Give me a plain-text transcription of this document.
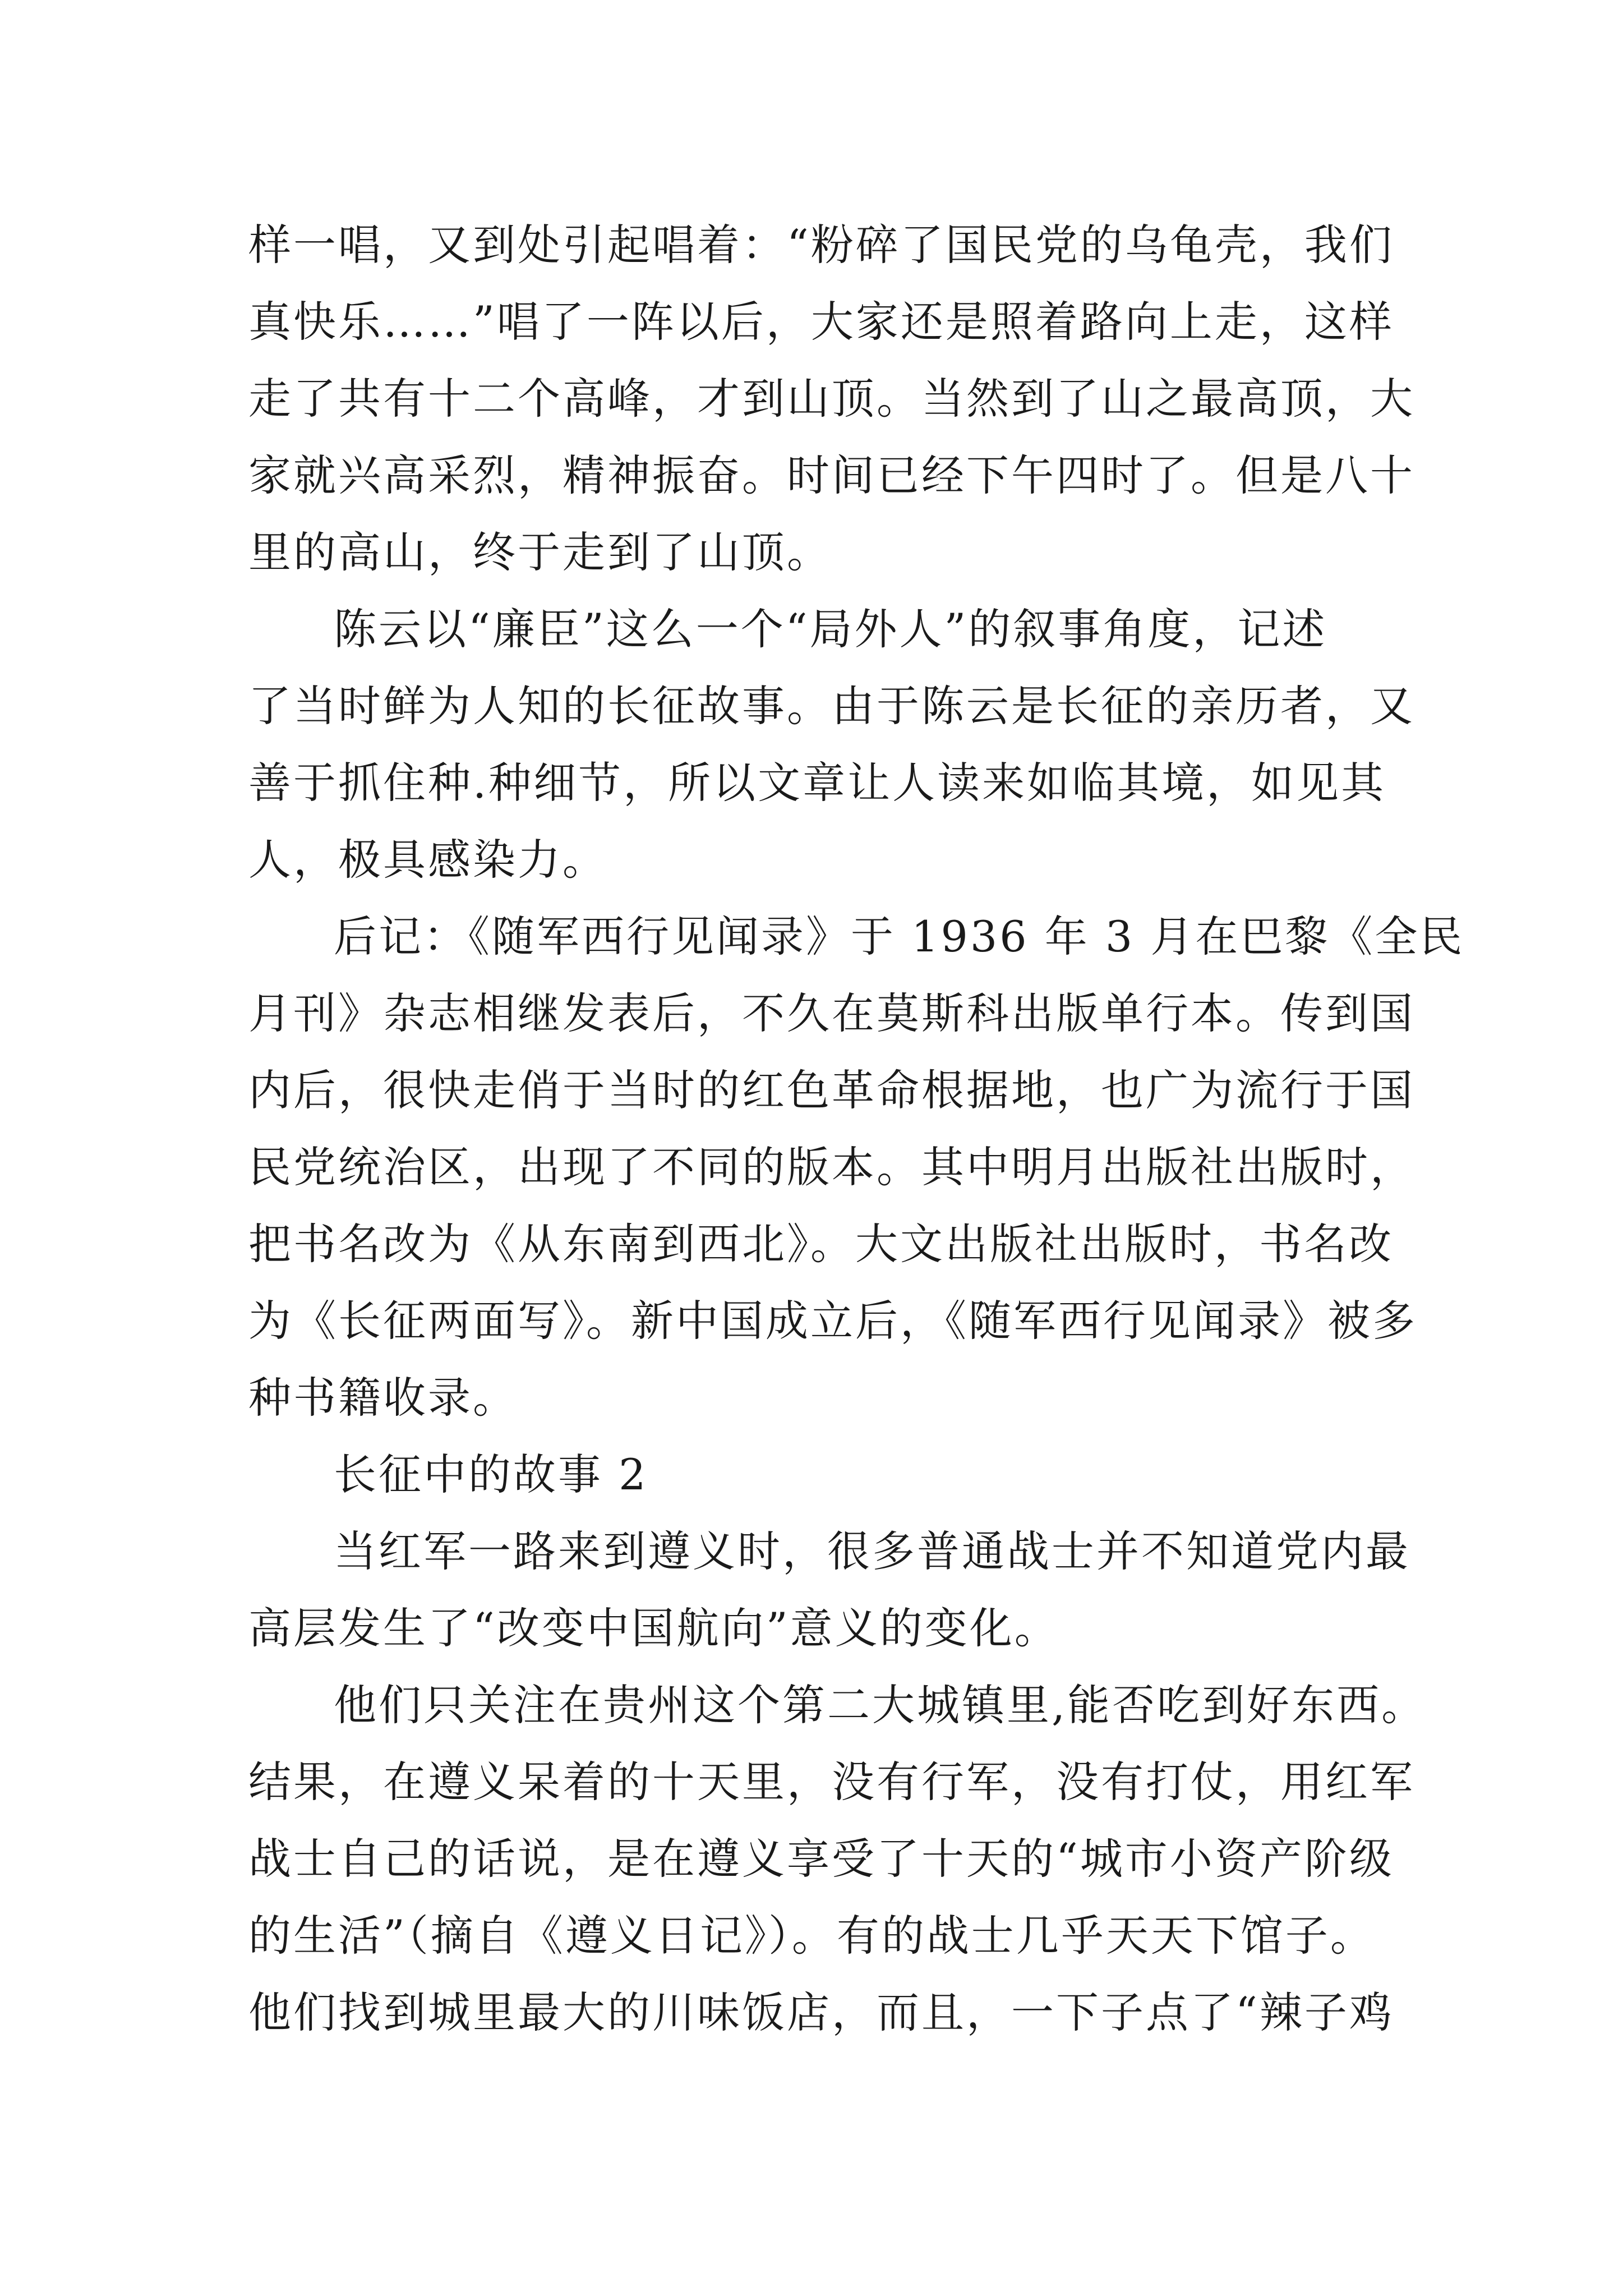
样一唱，又到处引起唱着：“粉碎了国民党的乌龟壳，我们
真快乐……”唱了一阵以后，大家还是照着路向上走，这样
走了共有十二个高峰，才到山顶。当然到了山之最高顶，大
家就兴高采烈，精神振奋。时间已经下午四时了。但是八十
里的高山，终于走到了山顶。
陈云以“廉臣”这么一个“局外人”的叙事角度，记述
了当时鲜为人知的长征故事。由于陈云是长征的亲历者，又
善于抓住种.种细节，所以文章让人读来如临其境，如见其
人，极具感染力。
后记：《随军西行见闻录》于 1936 年 3 月在巴黎《全民
月刊》杂志相继发表后，不久在莫斯科出版单行本。传到国
内后，很快走俏于当时的红色革命根据地，也广为流行于国
民党统治区，出现了不同的版本。其中明月出版社出版时，
把书名改为《从东南到西北》。大文出版社出版时，书名改
为《长征两面写》。新中国成立后，《随军西行见闻录》被多
种书籍收录。
长征中的故事 2
当红军一路来到遵义时，很多普通战士并不知道党内最
高层发生了“改变中国航向”意义的变化。
他们只关注在贵州这个第二大城镇里,能否吃到好东西。
结果，在遵义呆着的十天里，没有行军，没有打仗，用红军
战士自己的话说，是在遵义享受了十天的“城市小资产阶级
的生活”（摘自《遵义日记》）。有的战士几乎天天下馆子。
他们找到城里最大的川味饭店，而且，一下子点了“辣子鸡
